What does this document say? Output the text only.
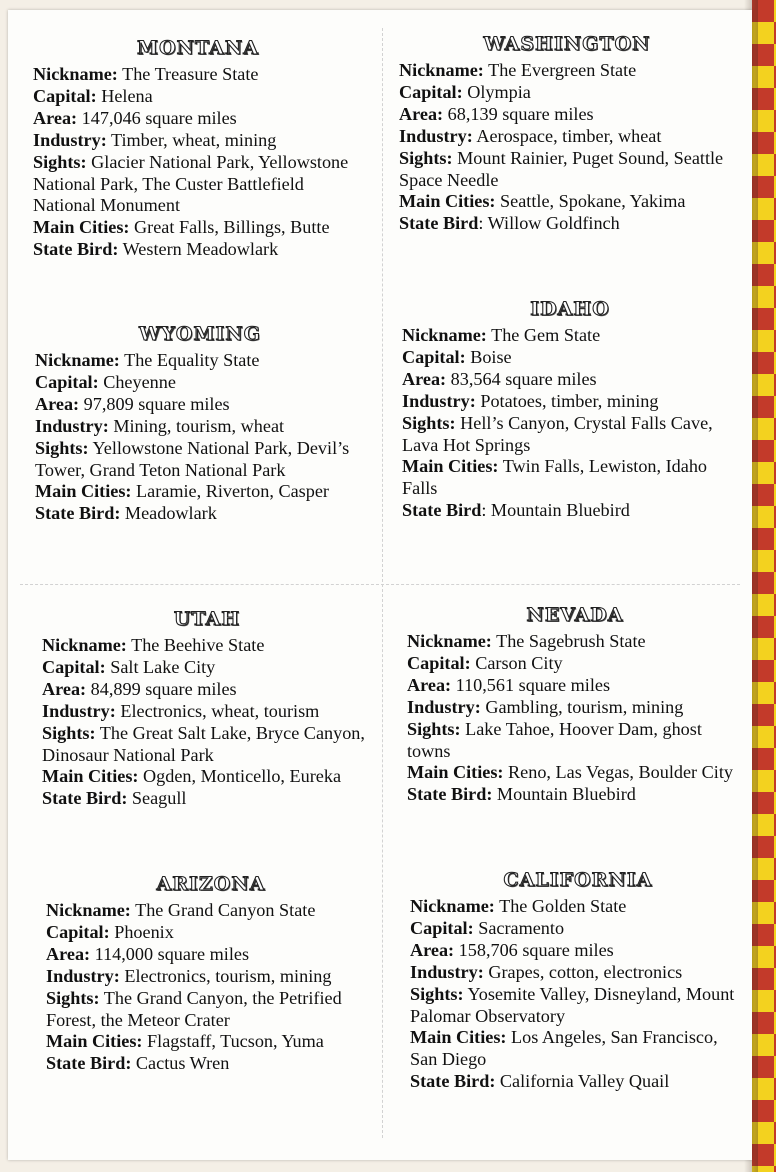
MONTANA

Nickname: The Treasure State

Capital: Helena

Area: 147,046 square miles

Industry: Timber, wheat, mining

Sights: Glacier National Park, Yellowstone National Park, The Custer Battlefield National Monument

Main Cities: Great Falls, Billings, Butte

State Bird: Western Meadowlark

WYOMING

Nickname: The Equality State

Capital: Cheyenne

Area: 97,809 square miles

Industry: Mining, tourism, wheat

Sights: Yellowstone National Park, Devil’s Tower, Grand Teton National Park

Main Cities: Laramie, Riverton, Casper

State Bird: Meadowlark

WASHINGTON

Nickname: The Evergreen State

Capital: Olympia

Area: 68,139 square miles

Industry: Aerospace, timber, wheat

Sights: Mount Rainier, Puget Sound, Seattle Space Needle

Main Cities: Seattle, Spokane, Yakima

State Bird: Willow Goldfinch

IDAHO

Nickname: The Gem State

Capital: Boise

Area: 83,564 square miles

Industry: Potatoes, timber, mining

Sights: Hell’s Canyon, Crystal Falls Cave, Lava Hot Springs

Main Cities: Twin Falls, Lewiston, Idaho Falls

State Bird: Mountain Bluebird

UTAH

Nickname: The Beehive State

Capital: Salt Lake City

Area: 84,899 square miles

Industry: Electronics, wheat, tourism

Sights: The Great Salt Lake, Bryce Canyon, Dinosaur National Park

Main Cities: Ogden, Monticello, Eureka

State Bird: Seagull

ARIZONA

Nickname: The Grand Canyon State

Capital: Phoenix

Area: 114,000 square miles

Industry: Electronics, tourism, mining

Sights: The Grand Canyon, the Petrified Forest, the Meteor Crater

Main Cities: Flagstaff, Tucson, Yuma

State Bird: Cactus Wren

NEVADA

Nickname: The Sagebrush State

Capital: Carson City

Area: 110,561 square miles

Industry: Gambling, tourism, mining

Sights: Lake Tahoe, Hoover Dam, ghost towns

Main Cities: Reno, Las Vegas, Boulder City

State Bird: Mountain Bluebird

CALIFORNIA

Nickname: The Golden State

Capital: Sacramento

Area: 158,706 square miles

Industry: Grapes, cotton, electronics

Sights: Yosemite Valley, Disneyland, Mount Palomar Observatory

Main Cities: Los Angeles, San Francisco, San Diego

State Bird: California Valley Quail
